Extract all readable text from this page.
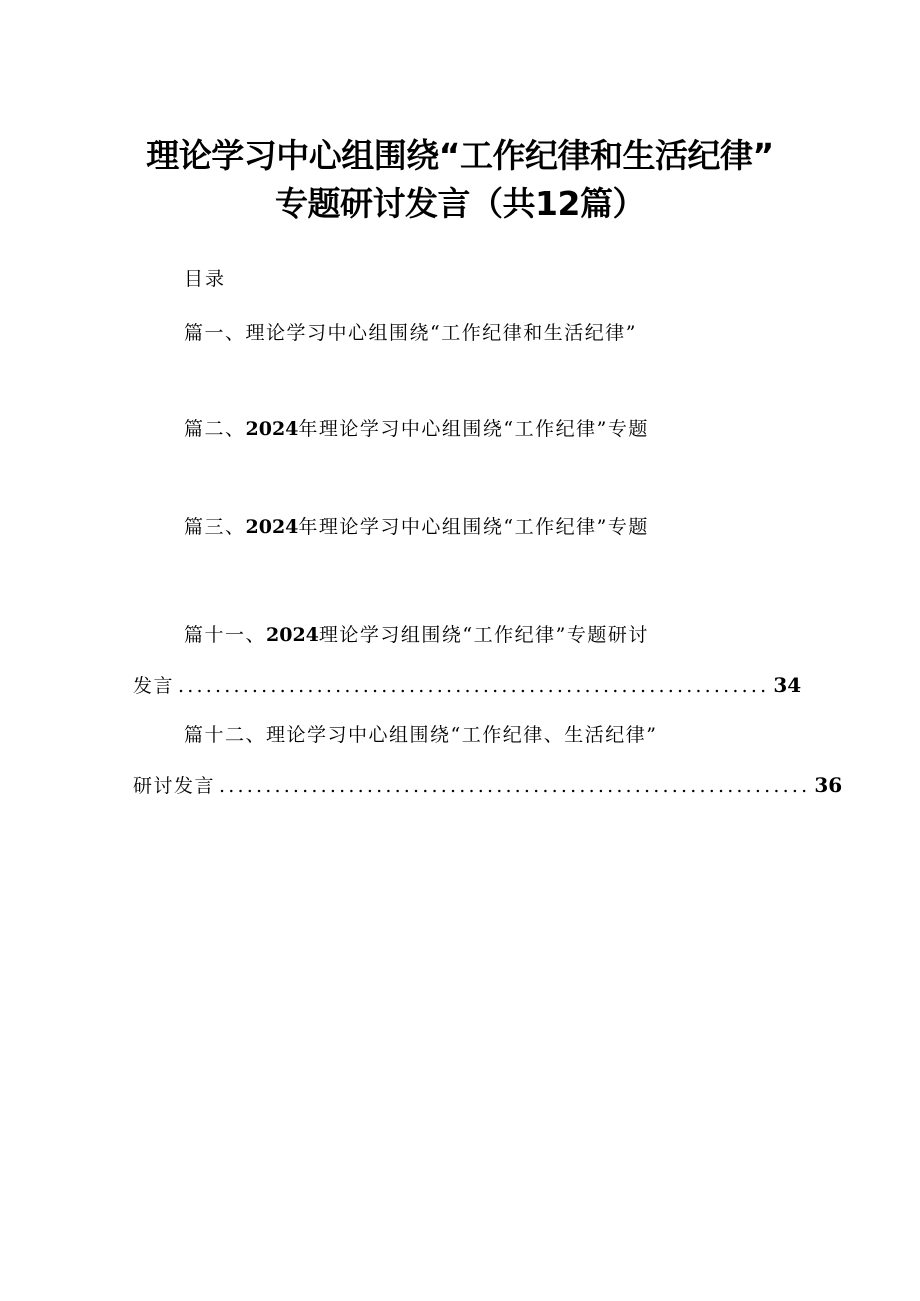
理论学习中心组围绕“工作纪律和生活纪律”
专题研讨发言（共12篇）
目录
篇一、理论学习中心组围绕“工作纪律和生活纪律”
篇二、2024年理论学习中心组围绕“工作纪律”专题
篇三、2024年理论学习中心组围绕“工作纪律”专题
篇十一、2024理论学习组围绕“工作纪律”专题研讨
发言 ................................................................ 34
篇十二、理论学习中心组围绕“工作纪律、生活纪律”
研讨发言 ................................................................ 36
